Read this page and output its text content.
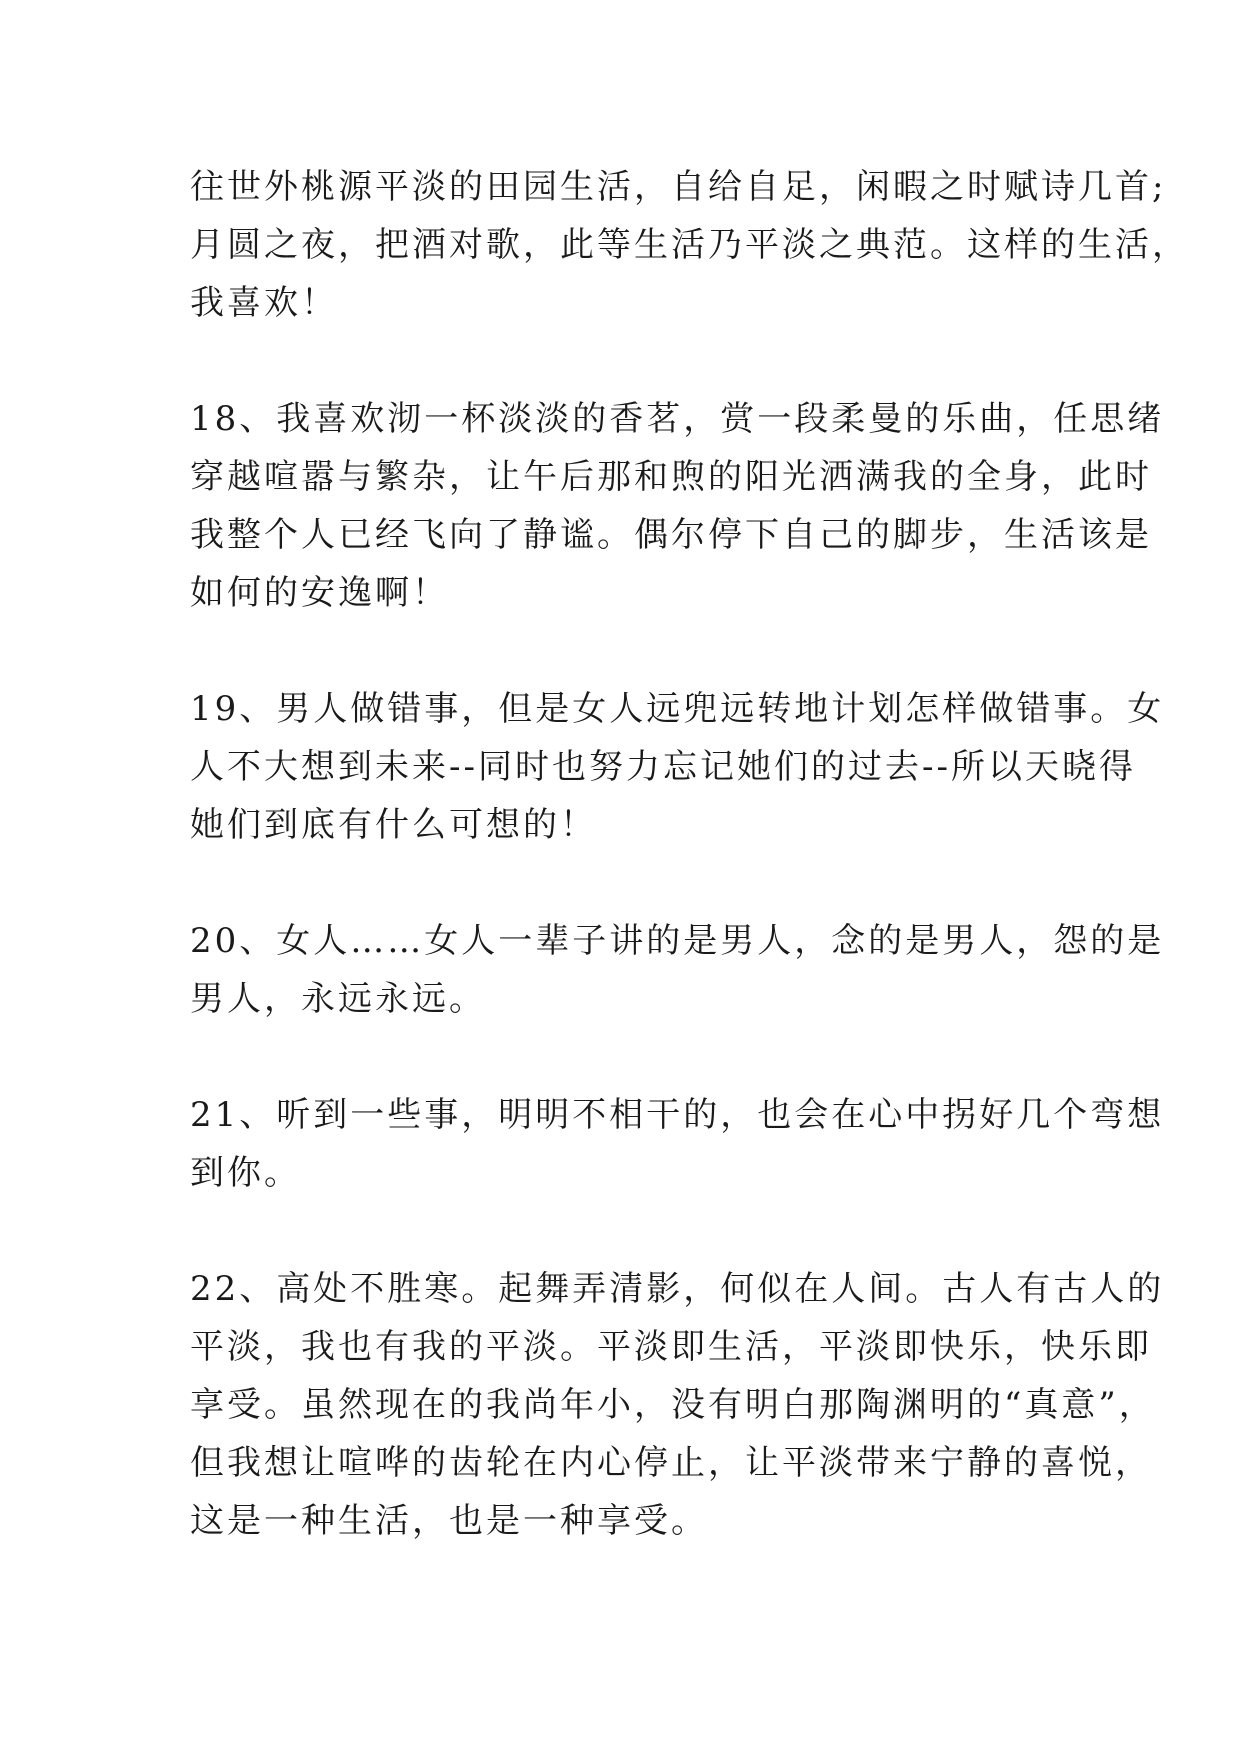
往世外桃源平淡的田园生活，自给自足，闲暇之时赋诗几首;
月圆之夜，把酒对歌，此等生活乃平淡之典范。这样的生活，
我喜欢！

18、我喜欢沏一杯淡淡的香茗，赏一段柔曼的乐曲，任思绪
穿越喧嚣与繁杂，让午后那和煦的阳光洒满我的全身，此时
我整个人已经飞向了静谧。偶尔停下自己的脚步，生活该是
如何的安逸啊！

19、男人做错事，但是女人远兜远转地计划怎样做错事。女
人不大想到未来--同时也努力忘记她们的过去--所以天晓得
她们到底有什么可想的！

20、女人……女人一辈子讲的是男人，念的是男人，怨的是
男人，永远永远。

21、听到一些事，明明不相干的，也会在心中拐好几个弯想
到你。

22、高处不胜寒。起舞弄清影，何似在人间。古人有古人的
平淡，我也有我的平淡。平淡即生活，平淡即快乐，快乐即
享受。虽然现在的我尚年小，没有明白那陶渊明的“真意”，
但我想让喧哗的齿轮在内心停止，让平淡带来宁静的喜悦，
这是一种生活，也是一种享受。
